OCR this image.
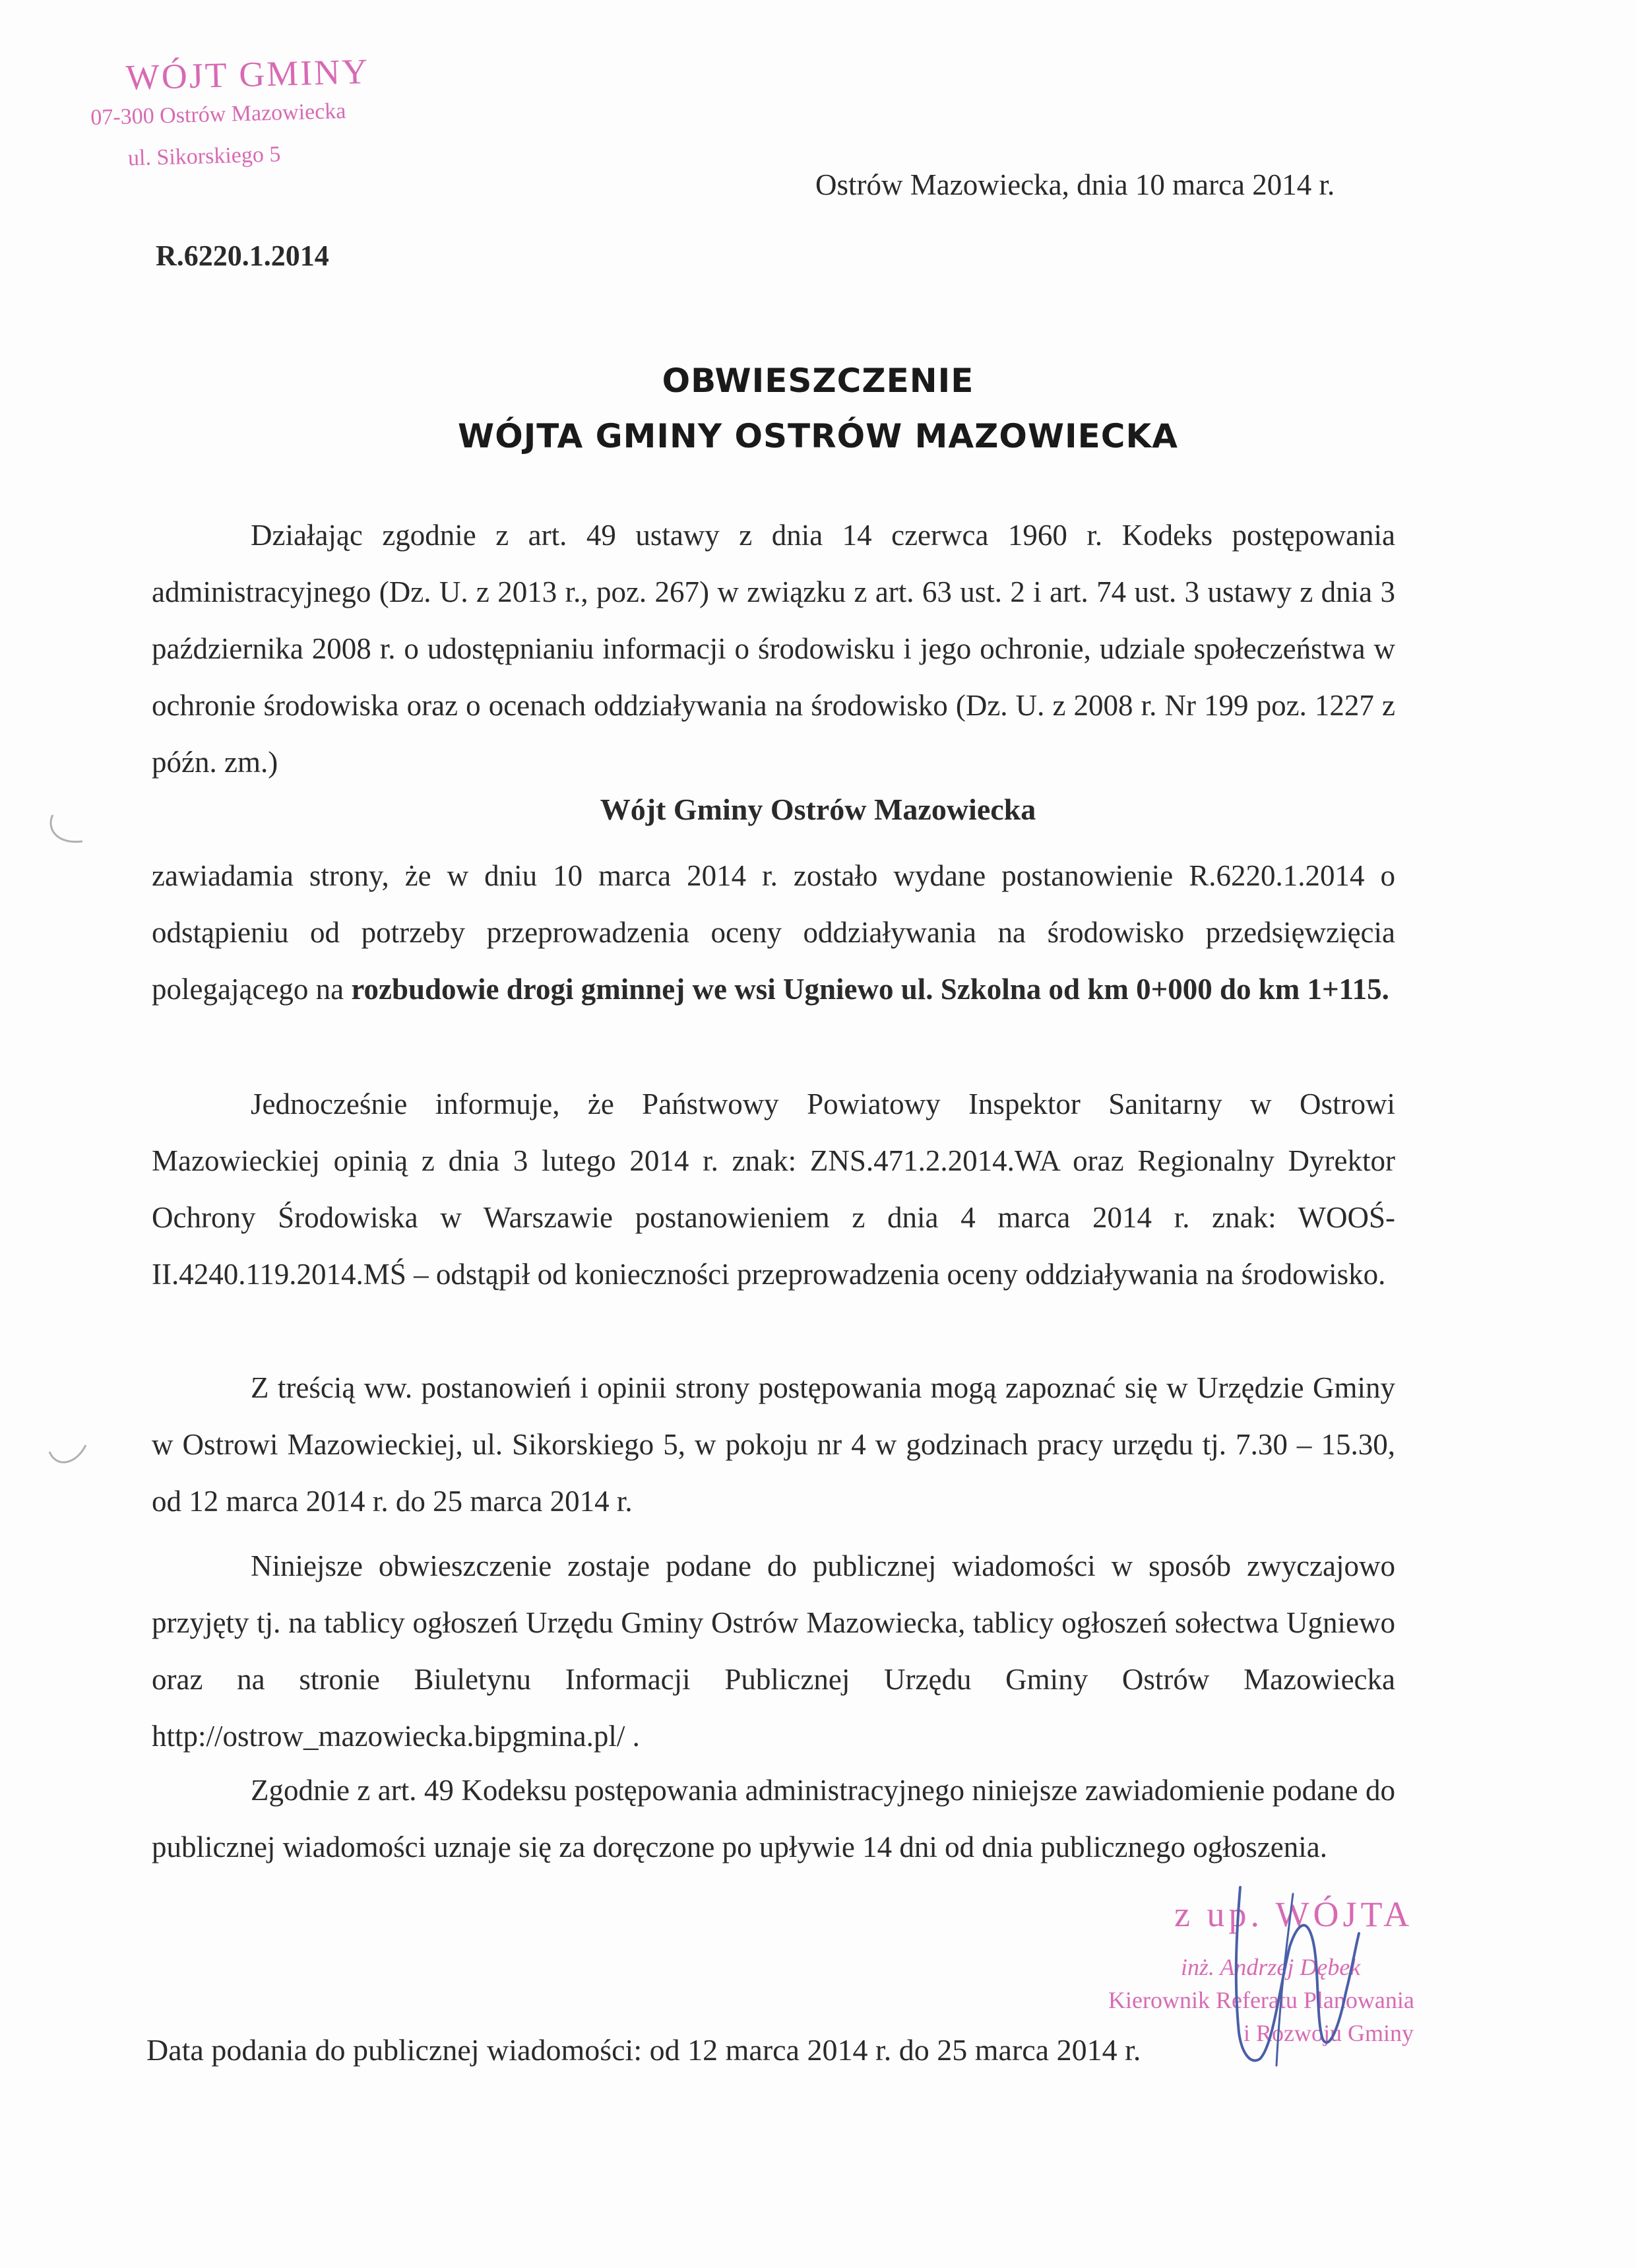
WÓJT GMINY
07-300 Ostrów Mazowiecka
ul. Sikorskiego 5
Ostrów Mazowiecka, dnia 10 marca 2014 r.
R.6220.1.2014
OBWIESZCZENIE
WÓJTA GMINY OSTRÓW MAZOWIECKA
Działając zgodnie z art. 49 ustawy z dnia 14 czerwca 1960 r. Kodeks postępowania administracyjnego (Dz. U. z 2013 r., poz. 267) w związku z art. 63 ust. 2 i art. 74 ust. 3 ustawy z dnia 3 października 2008 r. o udostępnianiu informacji o środowisku i jego ochronie, udziale społeczeństwa w ochronie środowiska oraz o ocenach oddziaływania na środowisko (Dz. U. z 2008 r. Nr 199 poz. 1227 z późn. zm.)
Wójt Gminy Ostrów Mazowiecka
zawiadamia strony, że w dniu 10 marca 2014 r. zostało wydane postanowienie R.6220.1.2014 o odstąpieniu od potrzeby przeprowadzenia oceny oddziaływania na środowisko przedsięwzięcia polegającego na rozbudowie drogi gminnej we wsi Ugniewo ul. Szkolna od km 0+000 do km 1+115.
Jednocześnie informuje, że Państwowy Powiatowy Inspektor Sanitarny w Ostrowi Mazowieckiej opinią z dnia 3 lutego 2014 r. znak: ZNS.471.2.2014.WA oraz Regionalny Dyrektor Ochrony Środowiska w Warszawie postanowieniem z dnia 4 marca 2014 r. znak: WOOŚ-II.4240.119.2014.MŚ – odstąpił od konieczności przeprowadzenia oceny oddziaływania na środowisko.
Z treścią ww. postanowień i opinii strony postępowania mogą zapoznać się w Urzędzie Gminy w Ostrowi Mazowieckiej, ul. Sikorskiego 5, w pokoju nr 4 w godzinach pracy urzędu tj. 7.30 – 15.30, od 12 marca 2014 r. do 25 marca 2014 r.
Niniejsze obwieszczenie zostaje podane do publicznej wiadomości w sposób zwyczajowo przyjęty tj. na tablicy ogłoszeń Urzędu Gminy Ostrów Mazowiecka, tablicy ogłoszeń sołectwa Ugniewo oraz na stronie Biuletynu Informacji Publicznej Urzędu Gminy Ostrów Mazowiecka http://ostrow_mazowiecka.bipgmina.pl/ .
Zgodnie z art. 49 Kodeksu postępowania administracyjnego niniejsze zawiadomienie podane do publicznej wiadomości uznaje się za doręczone po upływie 14 dni od dnia publicznego ogłoszenia.
z up. WÓJTA
inż. Andrzej Dębek
Kierownik Referatu Planowania
i Rozwoju Gminy
Data podania do publicznej wiadomości: od 12 marca 2014 r. do 25 marca 2014 r.
